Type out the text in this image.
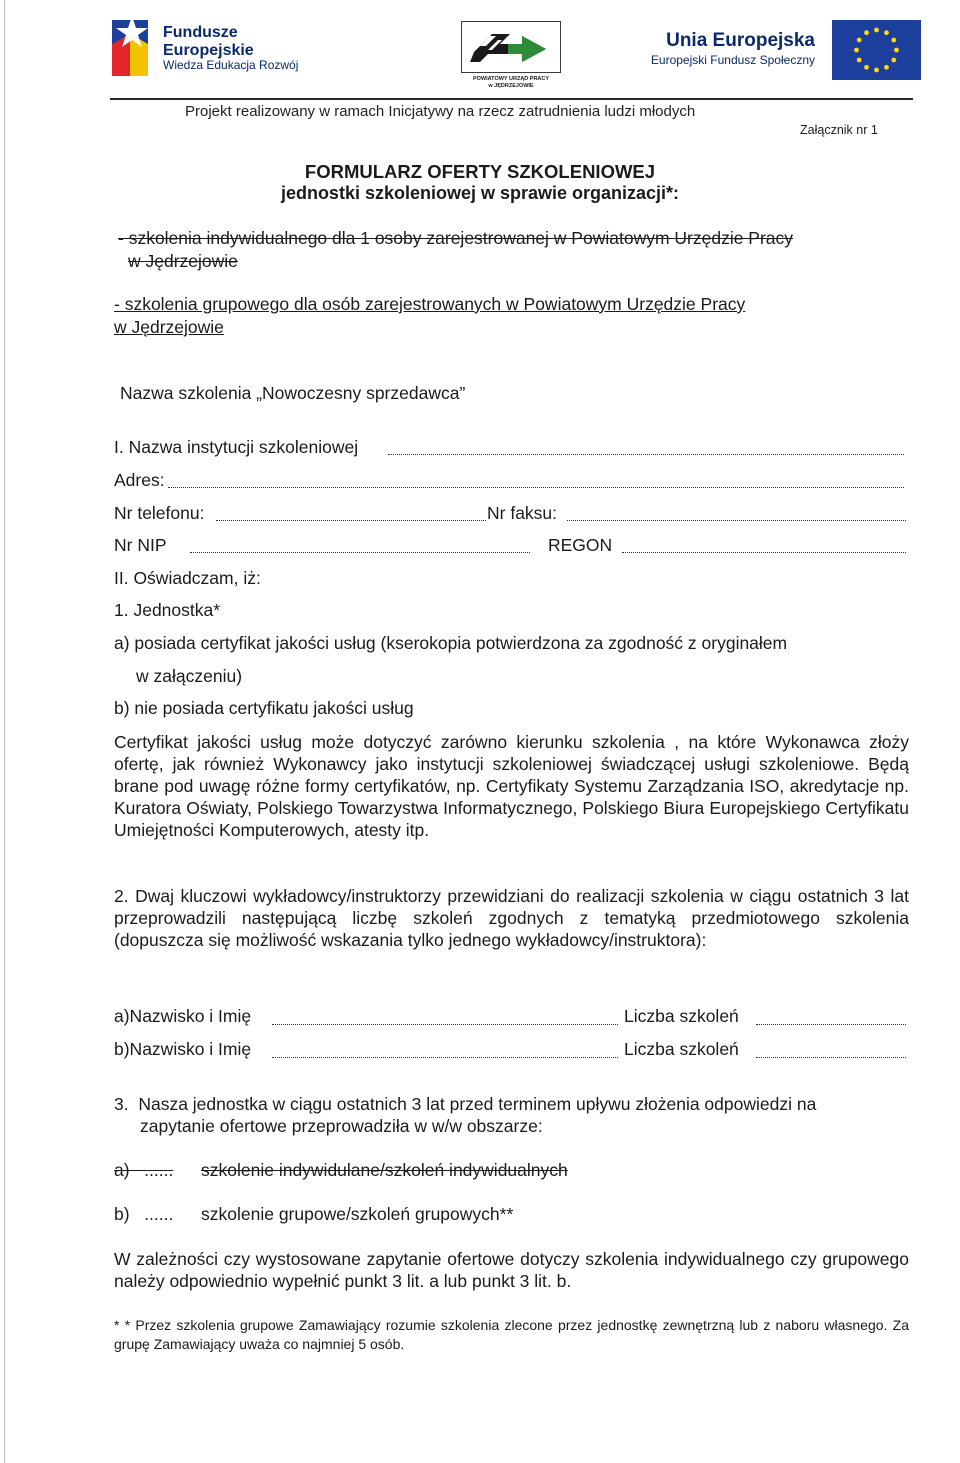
Fundusze
Europejskie
Wiedza Edukacja Rozwój
POWIATOWY URZĄD PRACY
w JĘDRZEJOWIE
Unia Europejska
Europejski Fundusz Społeczny
Projekt realizowany w ramach Inicjatywy na rzecz zatrudnienia ludzi młodych
Załącznik nr 1
FORMULARZ OFERTY SZKOLENIOWEJ
jednostki szkoleniowej w sprawie organizacji*:
- szkolenia indywidualnego dla 1 osoby zarejestrowanej w Powiatowym Urzędzie Pracy
w Jędrzejowie
- szkolenia grupowego dla osób zarejestrowanych w Powiatowym Urzędzie Pracy
w Jędrzejowie
Nazwa szkolenia „Nowoczesny sprzedawca”
I. Nazwa instytucji szkoleniowej
Adres:
Nr telefonu:	Nr faksu:
Nr NIP	REGON
II. Oświadczam, iż:
1. Jednostka*
a) posiada certyfikat jakości usług (kserokopia potwierdzona za zgodność z oryginałem
w załączeniu)
b) nie posiada certyfikatu jakości usług
Certyfikat jakości usług może dotyczyć zarówno kierunku szkolenia , na które Wykonawca złoży ofertę, jak również Wykonawcy jako instytucji szkoleniowej świadczącej usługi szkoleniowe. Będą brane pod uwagę różne formy certyfikatów, np. Certyfikaty Systemu Zarządzania ISO, akredytacje np. Kuratora Oświaty, Polskiego Towarzystwa Informatycznego, Polskiego Biura Europejskiego Certyfikatu Umiejętności Komputerowych, atesty itp.
2. Dwaj kluczowi wykładowcy/instruktorzy przewidziani do realizacji szkolenia w ciągu ostatnich 3 lat przeprowadzili następującą liczbę szkoleń zgodnych z tematyką przedmiotowego szkolenia (dopuszcza się możliwość wskazania tylko jednego wykładowcy/instruktora):
a)Nazwisko i Imię	Liczba szkoleń
b)Nazwisko i Imię	Liczba szkoleń
3.  Nasza jednostka w ciągu ostatnich 3 lat przed terminem upływu złożenia odpowiedzi na
zapytanie ofertowe przeprowadziła w w/w obszarze:
a)   ...... szkolenie indywidulane/szkoleń indywidualnych
b)   ...... szkolenie grupowe/szkoleń grupowych**
W zależności czy wystosowane zapytanie ofertowe dotyczy szkolenia indywidualnego czy grupowego należy odpowiednio wypełnić punkt 3 lit. a lub punkt 3 lit. b.
* * Przez szkolenia grupowe Zamawiający rozumie szkolenia zlecone przez jednostkę zewnętrzną lub z naboru własnego. Za grupę Zamawiający uważa co najmniej 5 osób.
